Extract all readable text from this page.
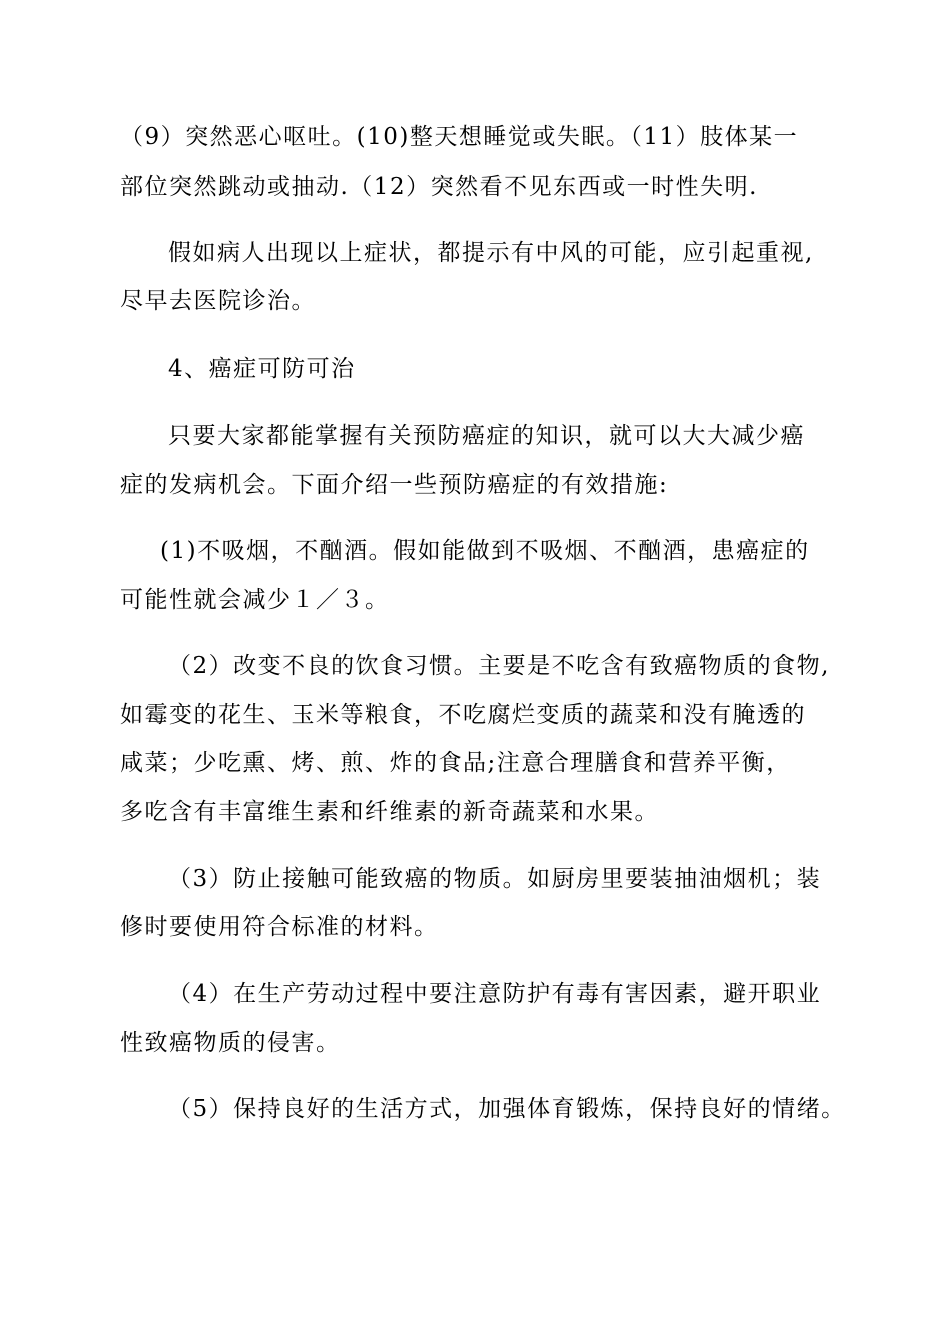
（9）突然恶心呕吐。(10)整天想睡觉或失眠。（11）肢体某一
部位突然跳动或抽动.（12）突然看不见东西或一时性失明.
假如病人出现以上症状，都提示有中风的可能，应引起重视,
尽早去医院诊治。
4、癌症可防可治
只要大家都能掌握有关预防癌症的知识，就可以大大减少癌
症的发病机会。下面介绍一些预防癌症的有效措施:
(1)不吸烟，不酗酒。假如能做到不吸烟、不酗酒，患癌症的
可能性就会减少１／３。
（2）改变不良的饮食习惯。主要是不吃含有致癌物质的食物,
如霉变的花生、玉米等粮食，不吃腐烂变质的蔬菜和没有腌透的
咸菜；少吃熏、烤、煎、炸的食品;注意合理膳食和营养平衡，
多吃含有丰富维生素和纤维素的新奇蔬菜和水果。
（3）防止接触可能致癌的物质。如厨房里要装抽油烟机；装
修时要使用符合标准的材料。
（4）在生产劳动过程中要注意防护有毒有害因素，避开职业
性致癌物质的侵害。
（5）保持良好的生活方式，加强体育锻炼，保持良好的情绪。
